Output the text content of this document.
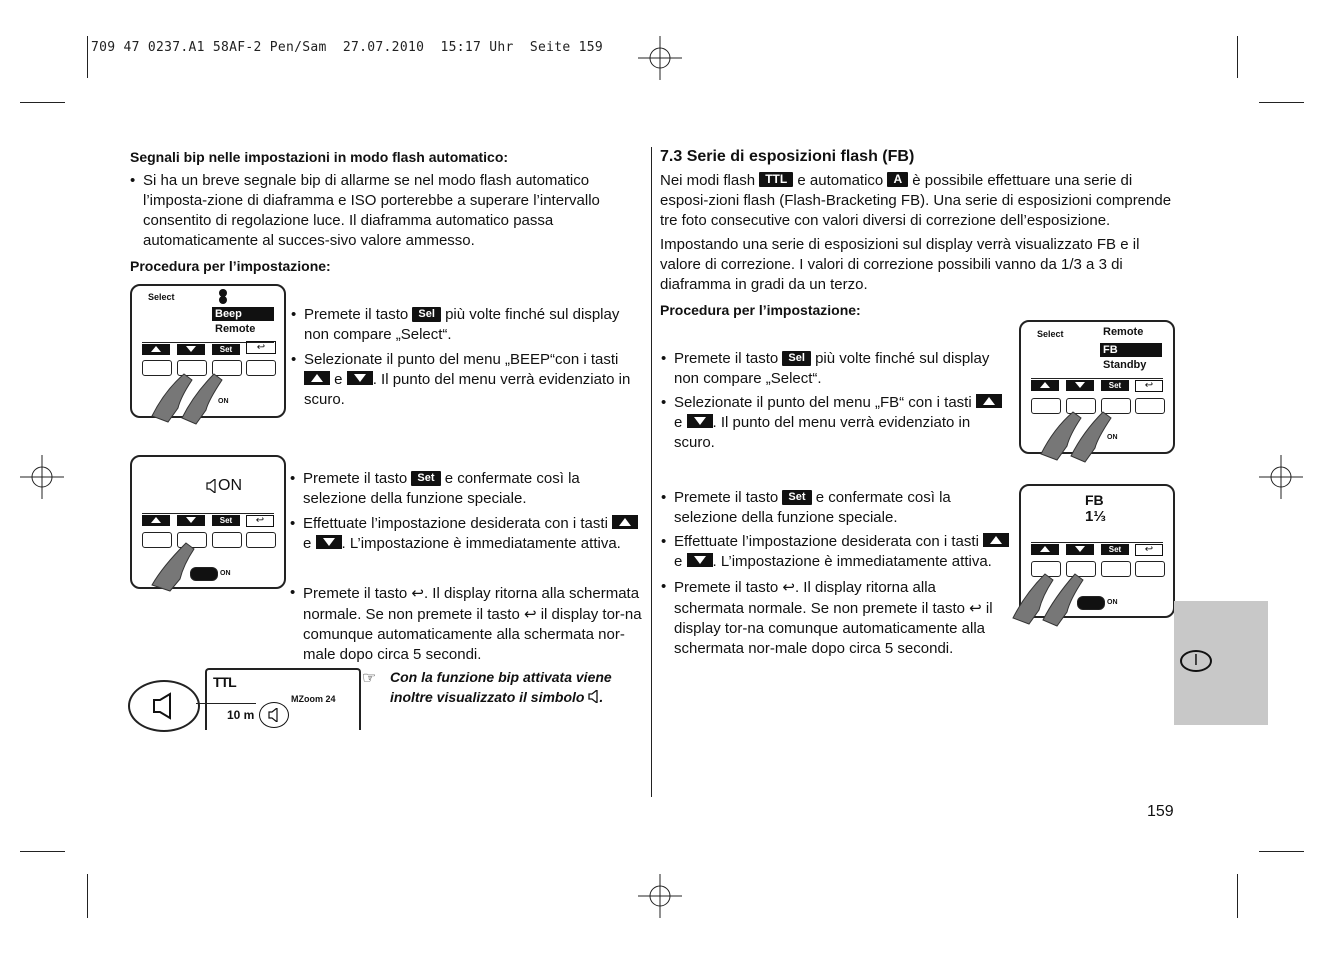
709 47 0237.A1 58AF-2 Pen/Sam  27.07.2010  15:17 Uhr  Seite 159
Segnali bip nelle impostazioni in modo flash automatico:
• Si ha un breve segnale bip di allarme se nel modo flash automatico l’imposta-zione di diaframma e ISO porterebbe a superare l’intervallo consentito di regolazione luce. Il diaframma automatico passa automaticamente al succes-sivo valore ammesso.
Procedura per l’impostazione:
Select
Beep
Remote
Set	↩
ON
• Premete il tasto Sel più volte finché sul display non compare „Select“.
• Selezionate il punto del menu „BEEP“con i tasti  e . Il punto del menu verrà evidenziato in scuro.
ON
Set	↩
ON
• Premete il tasto Set e confermate così la selezione della funzione speciale.
• Effettuate l’impostazione desiderata con i tasti  e . L’impostazione è immediatamente attiva.
• Premete il tasto ↩. Il display ritorna alla schermata normale. Se non premete il tasto ↩ il display tor-na comunque automaticamente alla schermata nor-male dopo circa 5 secondi.
TTL
MZoom 24
10 m
☞ Con la funzione bip attivata viene inoltre visualizzato il simbolo .
7.3 Serie di esposizioni flash (FB)
Nei modi flash TTL e automatico A è possibile effettuare una serie di esposi-zioni flash (Flash-Bracketing FB). Una serie di esposizioni comprende tre foto consecutive con valori diversi di correzione dell’esposizione.
Impostando una serie di esposizioni sul display verrà visualizzato FB e il valore di correzione. I valori di correzione possibili vanno da 1/3 a 3 di diaframma in gradi da un terzo.
Procedura per l’impostazione:
Select	Remote
FB
Standby
Set	↩
ON
• Premete il tasto Sel più volte finché sul display non compare „Select“.
• Selezionate il punto del menu „FB“ con i tasti  e . Il punto del menu verrà evidenziato in scuro.
FB
1⅓
Set	↩
ON
• Premete il tasto Set e confermate così la selezione della funzione speciale.
• Effettuate l’impostazione desiderata con i tasti  e . L’impostazione è immediatamente attiva.
• Premete il tasto ↩. Il display ritorna alla schermata normale. Se non premete il tasto ↩ il display tor-na comunque automaticamente alla schermata nor-male dopo circa 5 secondi.
I
159
